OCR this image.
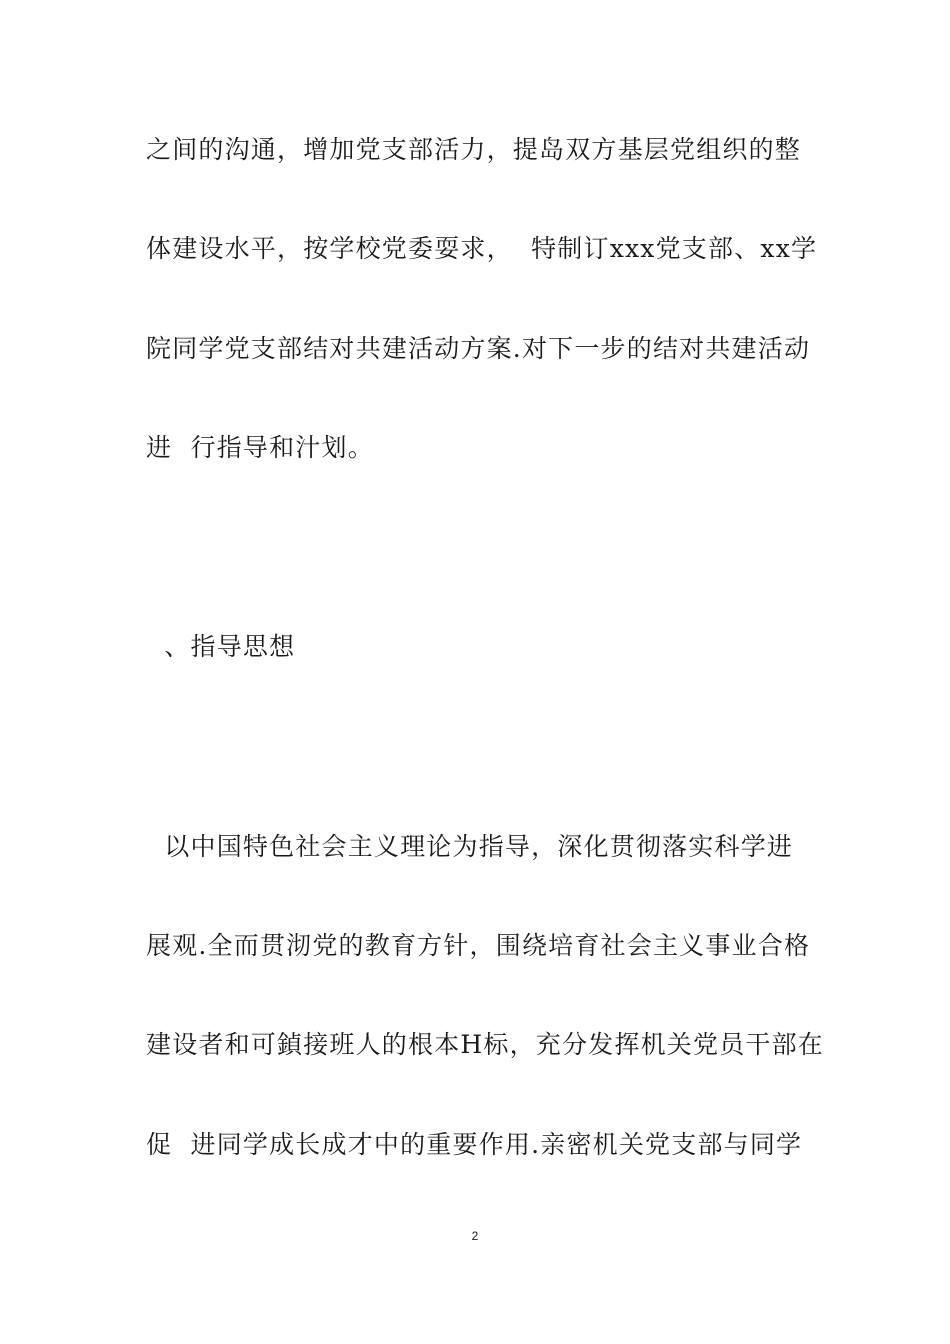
之间的沟通，增加党支部活力，提岛双方基层党组织的整
体建设水平，按学校党委耍求，  特制订xxx党支部、xx学
院同学党支部结对共建活动方案.对下一步的结对共建活动
进  行指导和汁划。
、指导思想
以中国特色社会主义理论为指导，深化贯彻落实科学进
展观.全而贯沏党的教育方针，围绕培育社会主义事业合格
建设者和可鍞接班人的根本H标，充分发挥机关党员干部在
促  进同学成长成才中的重要作用.亲密机关党支部与同学
2
